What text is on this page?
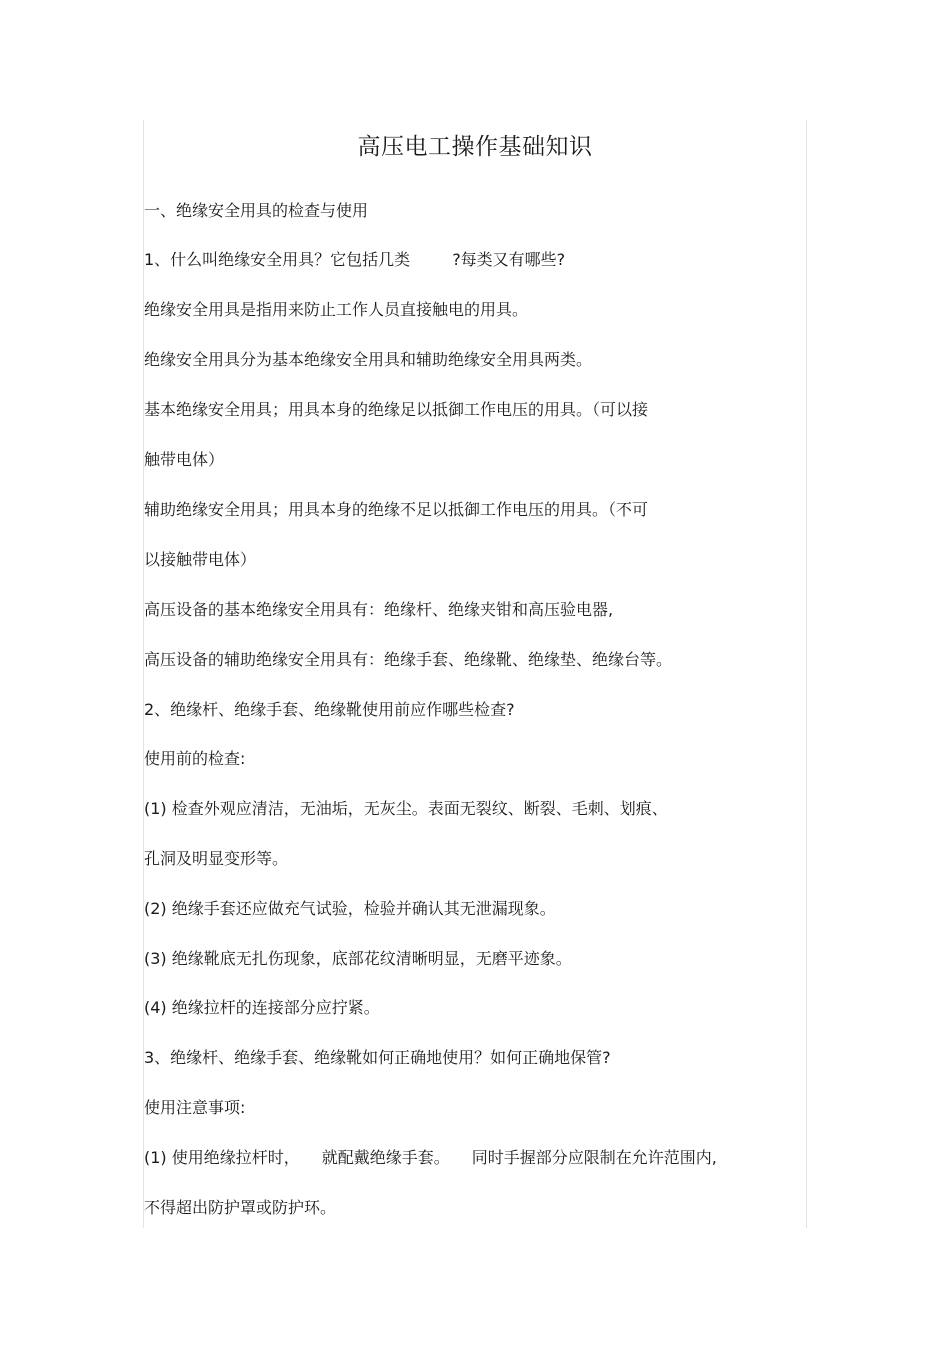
高压电工操作基础知识
一、绝缘安全用具的检查与使用
1、什么叫绝缘安全用具？它包括几类	?每类又有哪些?
绝缘安全用具是指用来防止工作人员直接触电的用具。
绝缘安全用具分为基本绝缘安全用具和辅助绝缘安全用具两类。
基本绝缘安全用具；用具本身的绝缘足以抵御工作电压的用具。（可以接
触带电体）
辅助绝缘安全用具；用具本身的绝缘不足以抵御工作电压的用具。（不可
以接触带电体）
高压设备的基本绝缘安全用具有：绝缘杆、绝缘夹钳和高压验电器,
高压设备的辅助绝缘安全用具有：绝缘手套、绝缘靴、绝缘垫、绝缘台等。
2、绝缘杆、绝缘手套、绝缘靴使用前应作哪些检查?
使用前的检查:
(1) 检查外观应清洁，无油垢，无灰尘。表面无裂纹、断裂、毛刺、划痕、
孔洞及明显变形等。
(2) 绝缘手套还应做充气试验，检验并确认其无泄漏现象。
(3) 绝缘靴底无扎伤现象，底部花纹清晰明显，无磨平迹象。
(4) 绝缘拉杆的连接部分应拧紧。
3、绝缘杆、绝缘手套、绝缘靴如何正确地使用？如何正确地保管?
使用注意事项:
(1) 使用绝缘拉杆时， 就配戴绝缘手套。 同时手握部分应限制在允许范围内,
不得超出防护罩或防护环。
